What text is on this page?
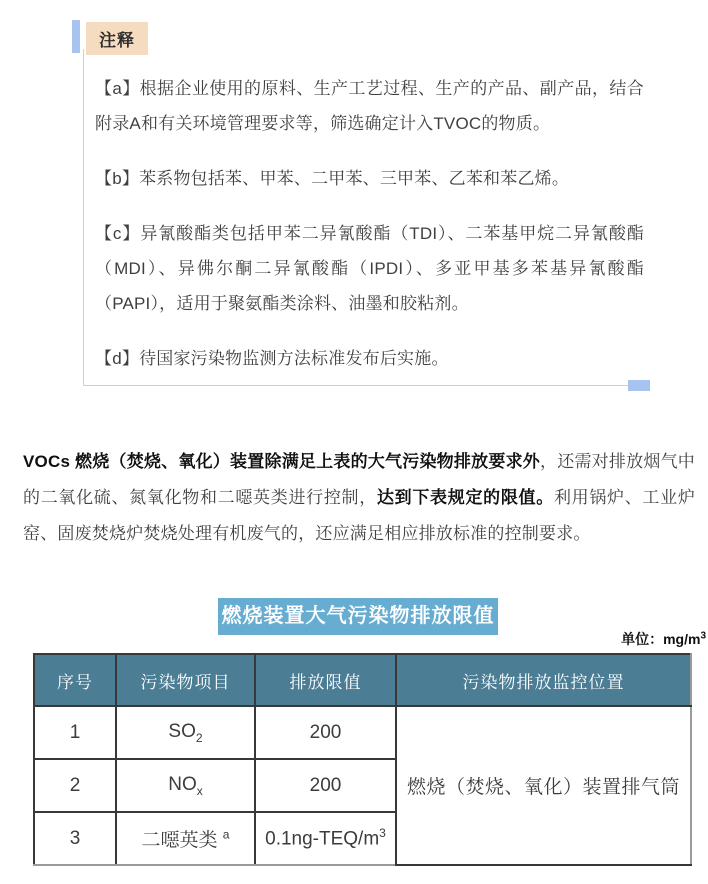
注释

【a】根据企业使用的原料、生产工艺过程、生产的产品、副产品，结合附录A和有关环境管理要求等，筛选确定计入TVOC的物质。

【b】苯系物包括苯、甲苯、二甲苯、三甲苯、乙苯和苯乙烯。

【c】异氰酸酯类包括甲苯二异氰酸酯（TDI）、二苯基甲烷二异氰酸酯（MDI）、异佛尔酮二异氰酸酯（IPDI）、多亚甲基多苯基异氰酸酯（PAPI），适用于聚氨酯类涂料、油墨和胶粘剂。

【d】待国家污染物监测方法标准发布后实施。

VOCs 燃烧（焚烧、氧化）装置除满足上表的大气污染物排放要求外，还需对排放烟气中的二氧化硫、氮氧化物和二噁英类进行控制，达到下表规定的限值。利用锅炉、工业炉窑、固废焚烧炉焚烧处理有机废气的，还应满足相应排放标准的控制要求。
燃烧装置大气污染物排放限值
单位：$mg/m^3$
序号	污染物项目	排放限值	污染物排放监控位置
1	$SO_2$	200	燃烧（焚烧、氧化）装置排气筒
2	$NO_x$	200	
3	二噁英类 $^a$	$0.1ng-TEQ/m^3$
